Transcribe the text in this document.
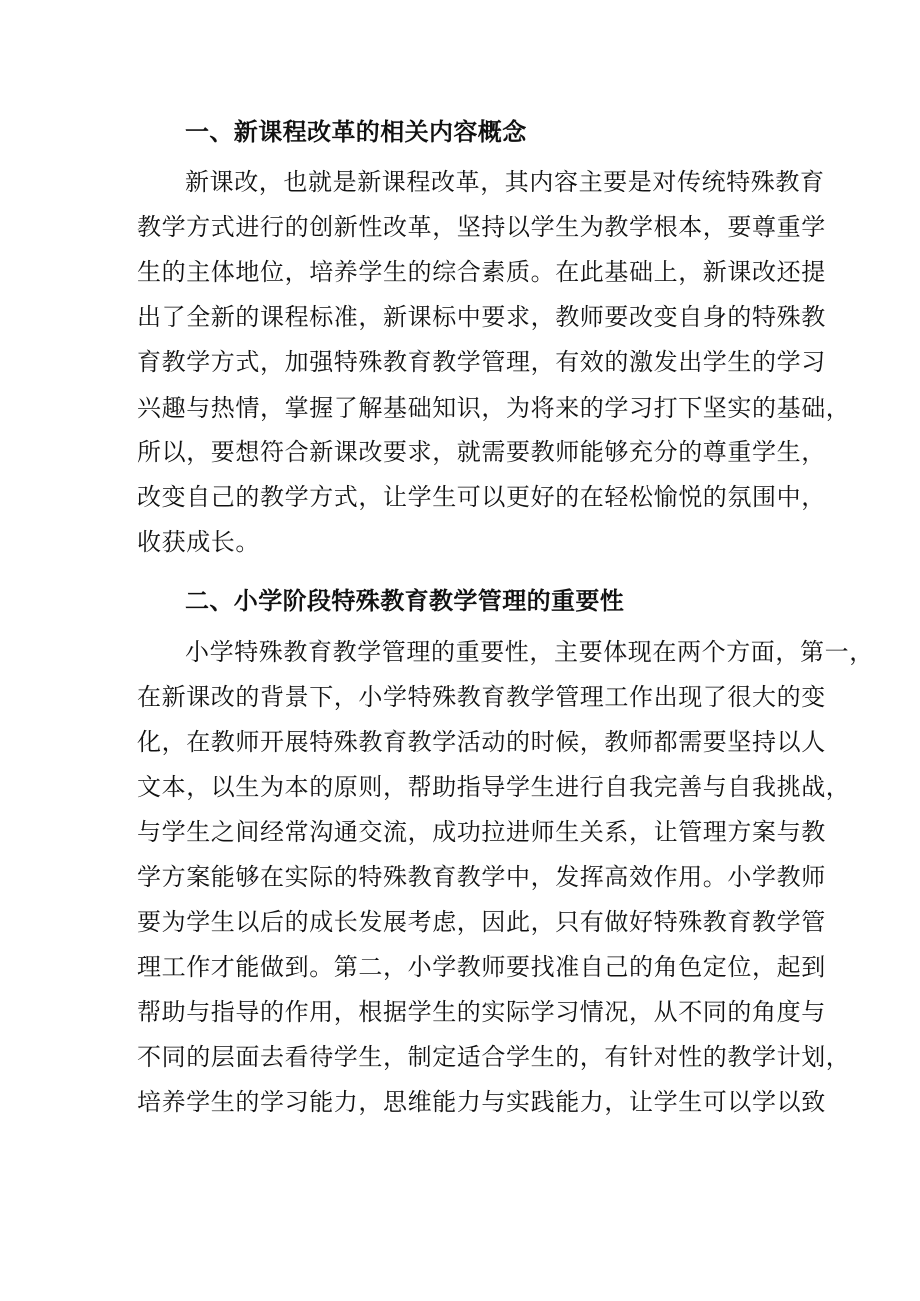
一、新课程改革的相关内容概念
新课改，也就是新课程改革，其内容主要是对传统特殊教育
教学方式进行的创新性改革，坚持以学生为教学根本，要尊重学
生的主体地位，培养学生的综合素质。在此基础上，新课改还提
出了全新的课程标准，新课标中要求，教师要改变自身的特殊教
育教学方式，加强特殊教育教学管理，有效的激发出学生的学习
兴趣与热情，掌握了解基础知识，为将来的学习打下坚实的基础，
所以，要想符合新课改要求，就需要教师能够充分的尊重学生，
改变自己的教学方式，让学生可以更好的在轻松愉悦的氛围中，
收获成长。
二、小学阶段特殊教育教学管理的重要性
小学特殊教育教学管理的重要性，主要体现在两个方面，第一，
在新课改的背景下，小学特殊教育教学管理工作出现了很大的变
化，在教师开展特殊教育教学活动的时候，教师都需要坚持以人
文本，以生为本的原则，帮助指导学生进行自我完善与自我挑战，
与学生之间经常沟通交流，成功拉进师生关系，让管理方案与教
学方案能够在实际的特殊教育教学中，发挥高效作用。小学教师
要为学生以后的成长发展考虑，因此，只有做好特殊教育教学管
理工作才能做到。第二，小学教师要找准自己的角色定位，起到
帮助与指导的作用，根据学生的实际学习情况，从不同的角度与
不同的层面去看待学生，制定适合学生的，有针对性的教学计划，
培养学生的学习能力，思维能力与实践能力，让学生可以学以致
